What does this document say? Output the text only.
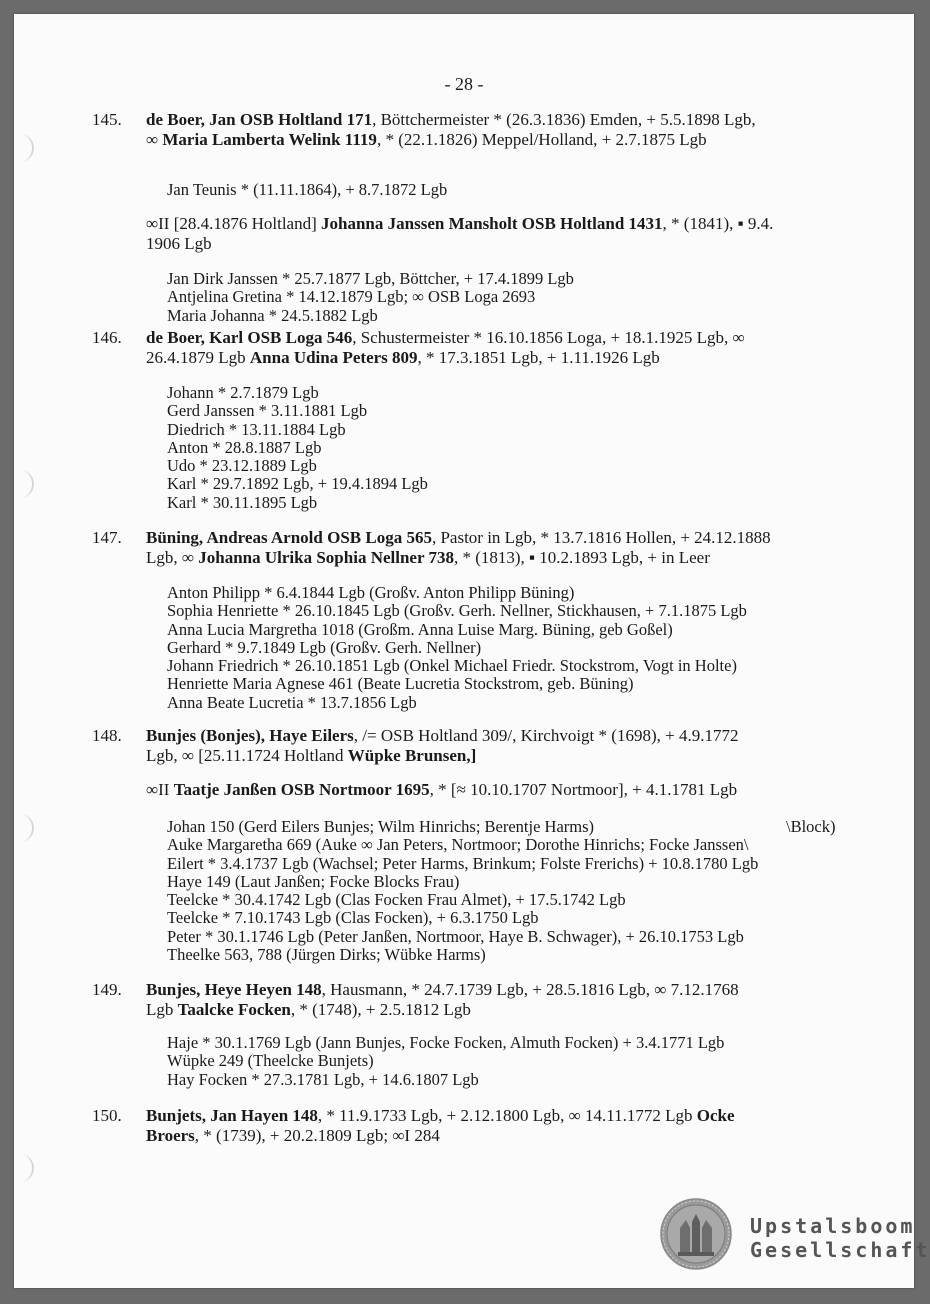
- 28 -
145. de Boer, Jan OSB Holtland 171, Böttchermeister * (26.3.1836) Emden, + 5.5.1898 Lgb,
∞ Maria Lamberta Welink 1119, * (22.1.1826) Meppel/Holland, + 2.7.1875 Lgb
Jan Teunis * (11.11.1864), + 8.7.1872 Lgb
∞II [28.4.1876 Holtland] Johanna Janssen Mansholt OSB Holtland 1431, * (1841), ▪ 9.4.
1906 Lgb
Jan Dirk Janssen * 25.7.1877 Lgb, Böttcher, + 17.4.1899 Lgb
Antjelina Gretina * 14.12.1879 Lgb; ∞ OSB Loga 2693
Maria Johanna * 24.5.1882 Lgb
146. de Boer, Karl OSB Loga 546, Schustermeister * 16.10.1856 Loga, + 18.1.1925 Lgb, ∞
26.4.1879 Lgb Anna Udina Peters 809, * 17.3.1851 Lgb, + 1.11.1926 Lgb
Johann * 2.7.1879 Lgb
Gerd Janssen * 3.11.1881 Lgb
Diedrich * 13.11.1884 Lgb
Anton * 28.8.1887 Lgb
Udo * 23.12.1889 Lgb
Karl * 29.7.1892 Lgb, + 19.4.1894 Lgb
Karl * 30.11.1895 Lgb
147. Büning, Andreas Arnold OSB Loga 565, Pastor in Lgb, * 13.7.1816 Hollen, + 24.12.1888
Lgb, ∞ Johanna Ulrika Sophia Nellner 738, * (1813), ▪ 10.2.1893 Lgb, + in Leer
Anton Philipp * 6.4.1844 Lgb (Großv. Anton Philipp Büning)
Sophia Henriette * 26.10.1845 Lgb (Großv. Gerh. Nellner, Stickhausen, + 7.1.1875 Lgb
Anna Lucia Margretha 1018 (Großm. Anna Luise Marg. Büning, geb Goßel)
Gerhard * 9.7.1849 Lgb (Großv. Gerh. Nellner)
Johann Friedrich * 26.10.1851 Lgb (Onkel Michael Friedr. Stockstrom, Vogt in Holte)
Henriette Maria Agnese 461 (Beate Lucretia Stockstrom, geb. Büning)
Anna Beate Lucretia * 13.7.1856 Lgb
148. Bunjes (Bonjes), Haye Eilers, /= OSB Holtland 309/, Kirchvoigt * (1698), + 4.9.1772
Lgb, ∞ [25.11.1724 Holtland Wüpke Brunsen,]
∞II Taatje Janßen OSB Nortmoor 1695, * [≈ 10.10.1707 Nortmoor], + 4.1.1781 Lgb
Johan 150 (Gerd Eilers Bunjes; Wilm Hinrichs; Berentje Harms)
Auke Margaretha 669 (Auke ∞ Jan Peters, Nortmoor; Dorothe Hinrichs; Focke Janssen\
Eilert * 3.4.1737 Lgb (Wachsel; Peter Harms, Brinkum; Folste Frerichs) + 10.8.1780 Lgb
Haye 149 (Laut Janßen; Focke Blocks Frau)
Teelcke * 30.4.1742 Lgb (Clas Focken Frau Almet), + 17.5.1742 Lgb
Teelcke * 7.10.1743 Lgb (Clas Focken), + 6.3.1750 Lgb
Peter * 30.1.1746 Lgb (Peter Janßen, Nortmoor, Haye B. Schwager), + 26.10.1753 Lgb
Theelke 563, 788 (Jürgen Dirks; Wübke Harms)
\Block)
149. Bunjes, Heye Heyen 148, Hausmann, * 24.7.1739 Lgb, + 28.5.1816 Lgb, ∞ 7.12.1768
Lgb Taalcke Focken, * (1748), + 2.5.1812 Lgb
Haje * 30.1.1769 Lgb (Jann Bunjes, Focke Focken, Almuth Focken) + 3.4.1771 Lgb
Wüpke 249 (Theelcke Bunjets)
Hay Focken * 27.3.1781 Lgb, + 14.6.1807 Lgb
150. Bunjets, Jan Hayen 148, * 11.9.1733 Lgb, + 2.12.1800 Lgb, ∞ 14.11.1772 Lgb Ocke
Broers, * (1739), + 20.2.1809 Lgb; ∞I 284
Upstalsboom
Gesellschaft
